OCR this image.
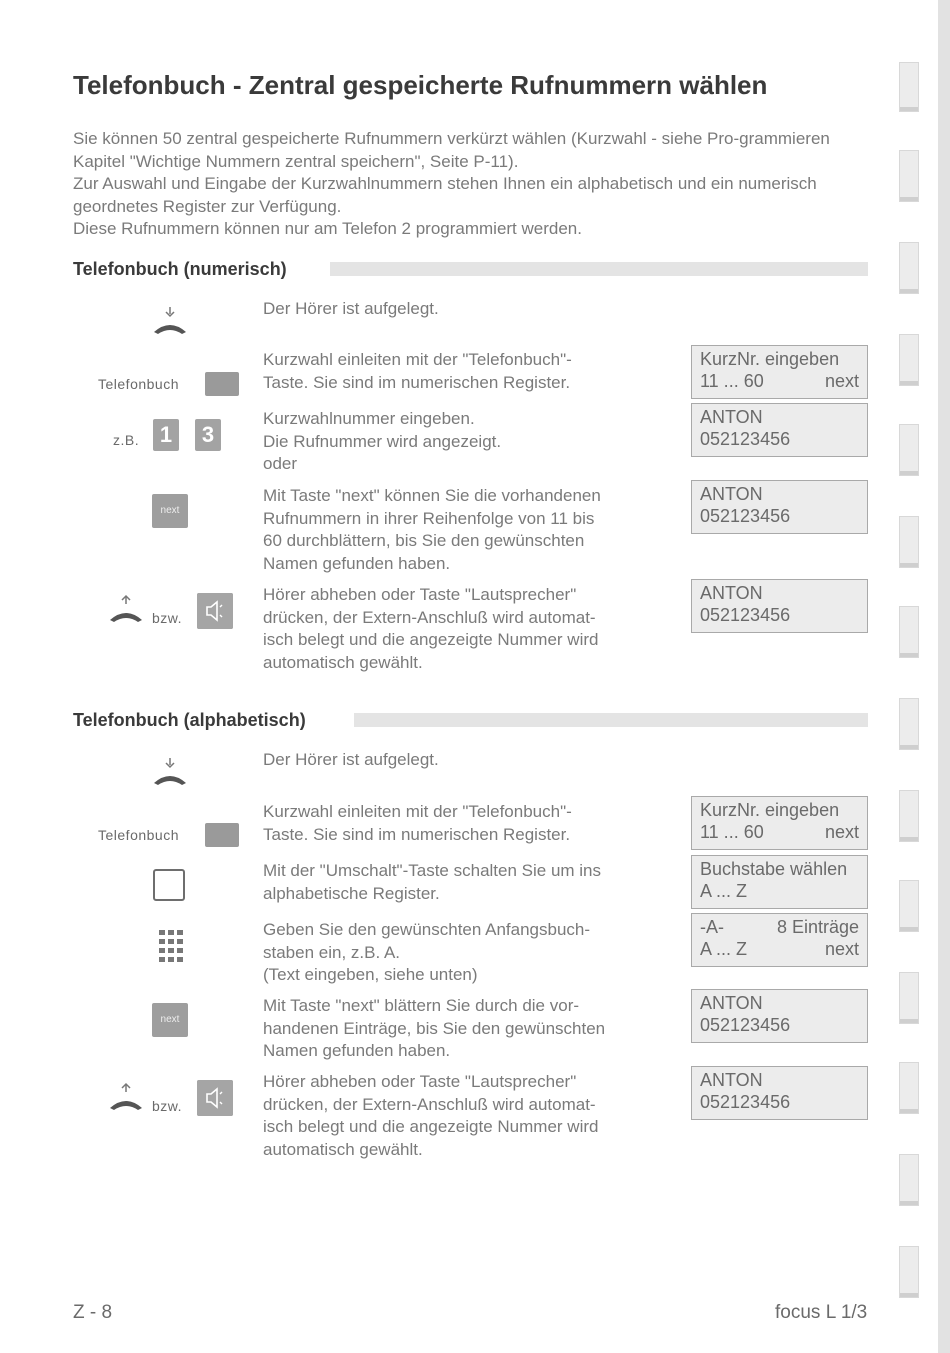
Telefonbuch - Zentral gespeicherte Rufnummern wählen

Sie können 50 zentral gespeicherte Rufnummern verkürzt wählen (Kurzwahl - siehe Pro-grammieren Kapitel "Wichtige Nummern zentral speichern", Seite P-11).

Zur Auswahl und Eingabe der Kurzwahlnummern stehen Ihnen ein alphabetisch und ein numerisch geordnetes Register zur Verfügung.

Diese Rufnummern können nur am Telefon 2 programmiert werden.

Telefonbuch (numerisch)

Der Hörer ist aufgelegt.

Telefonbuch

Kurzwahl einleiten mit der "Telefonbuch"-

Taste. Sie sind im numerischen Register.

KurzNr. eingeben
11 ... 60	next
z.B. 1	3

Kurzwahlnummer eingeben.

Die Rufnummer wird angezeigt.

oder

ANTON
052123456
next

Mit Taste "next" können Sie die vorhandenen

Rufnummern in ihrer Reihenfolge von 11 bis

60 durchblättern, bis Sie den gewünschten

Namen gefunden haben.

ANTON
052123456
bzw.

Hörer abheben oder Taste "Lautsprecher"

drücken, der Extern-Anschluß wird automat-

isch belegt und die angezeigte Nummer wird

automatisch gewählt.

ANTON
052123456
Telefonbuch (alphabetisch)

Der Hörer ist aufgelegt.

Telefonbuch

Kurzwahl einleiten mit der "Telefonbuch"-

Taste. Sie sind im numerischen Register.

KurzNr. eingeben
11 ... 60	next

Mit der "Umschalt"-Taste schalten Sie um ins

alphabetische Register.

Buchstabe wählen
A ... Z

Geben Sie den gewünschten Anfangsbuch-

staben ein, z.B. A.

(Text eingeben, siehe unten)

-A-	8 Einträge
A ... Z	next
next

Mit Taste "next" blättern Sie durch die vor-

handenen Einträge, bis Sie den gewünschten

Namen gefunden haben.

ANTON
052123456
bzw.

Hörer abheben oder Taste "Lautsprecher"

drücken, der Extern-Anschluß wird automat-

isch belegt und die angezeigte Nummer wird

automatisch gewählt.

ANTON
052123456
Z - 8	focus L 1/3
